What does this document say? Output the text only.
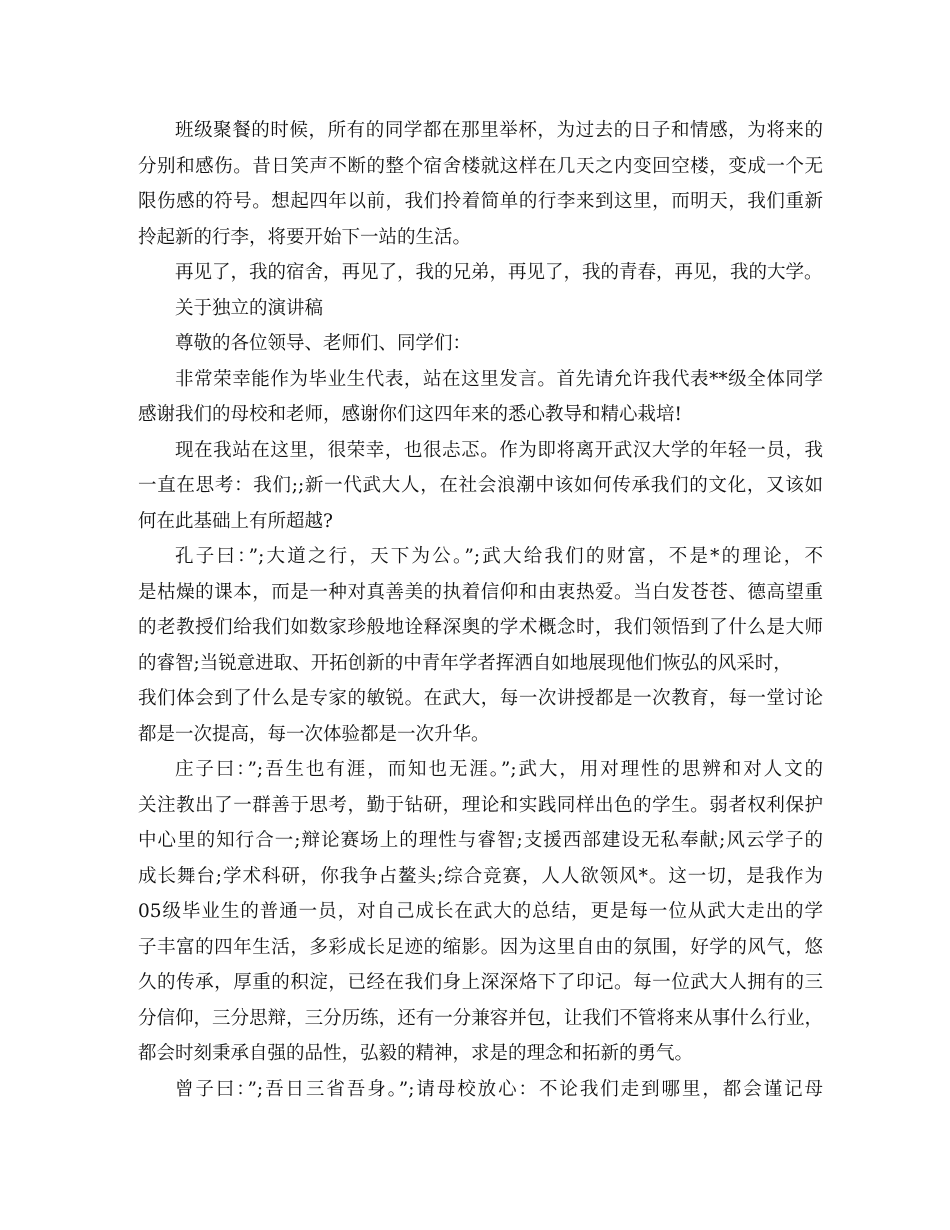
班级聚餐的时候，所有的同学都在那里举杯，为过去的日子和情感，为将来的
分别和感伤。昔日笑声不断的整个宿舍楼就这样在几天之内变回空楼，变成一个无
限伤感的符号。想起四年以前，我们拎着简单的行李来到这里，而明天，我们重新
拎起新的行李，将要开始下一站的生活。
再见了，我的宿舍，再见了，我的兄弟，再见了，我的青春，再见，我的大学。
关于独立的演讲稿
尊敬的各位领导、老师们、同学们：
非常荣幸能作为毕业生代表，站在这里发言。首先请允许我代表**级全体同学
感谢我们的母校和老师，感谢你们这四年来的悉心教导和精心栽培!
现在我站在这里，很荣幸，也很忐忑。作为即将离开武汉大学的年轻一员，我
一直在思考：我们;;新一代武大人，在社会浪潮中该如何传承我们的文化，又该如
何在此基础上有所超越?
孔子曰：”;大道之行，天下为公。”;武大给我们的财富，不是*的理论，不
是枯燥的课本，而是一种对真善美的执着信仰和由衷热爱。当白发苍苍、德高望重
的老教授们给我们如数家珍般地诠释深奥的学术概念时，我们领悟到了什么是大师
的睿智;当锐意进取、开拓创新的中青年学者挥洒自如地展现他们恢弘的风采时，
我们体会到了什么是专家的敏锐。在武大，每一次讲授都是一次教育，每一堂讨论
都是一次提高，每一次体验都是一次升华。
庄子曰：”;吾生也有涯，而知也无涯。”;武大，用对理性的思辨和对人文的
关注教出了一群善于思考，勤于钻研，理论和实践同样出色的学生。弱者权利保护
中心里的知行合一;辩论赛场上的理性与睿智;支援西部建设无私奉献;风云学子的
成长舞台;学术科研，你我争占鳌头;综合竞赛，人人欲领风*。这一切，是我作为
05级毕业生的普通一员，对自己成长在武大的总结，更是每一位从武大走出的学
子丰富的四年生活，多彩成长足迹的缩影。因为这里自由的氛围，好学的风气，悠
久的传承，厚重的积淀，已经在我们身上深深烙下了印记。每一位武大人拥有的三
分信仰，三分思辩，三分历练，还有一分兼容并包，让我们不管将来从事什么行业，
都会时刻秉承自强的品性，弘毅的精神，求是的理念和拓新的勇气。
曾子曰：”;吾日三省吾身。”;请母校放心：不论我们走到哪里，都会谨记母
